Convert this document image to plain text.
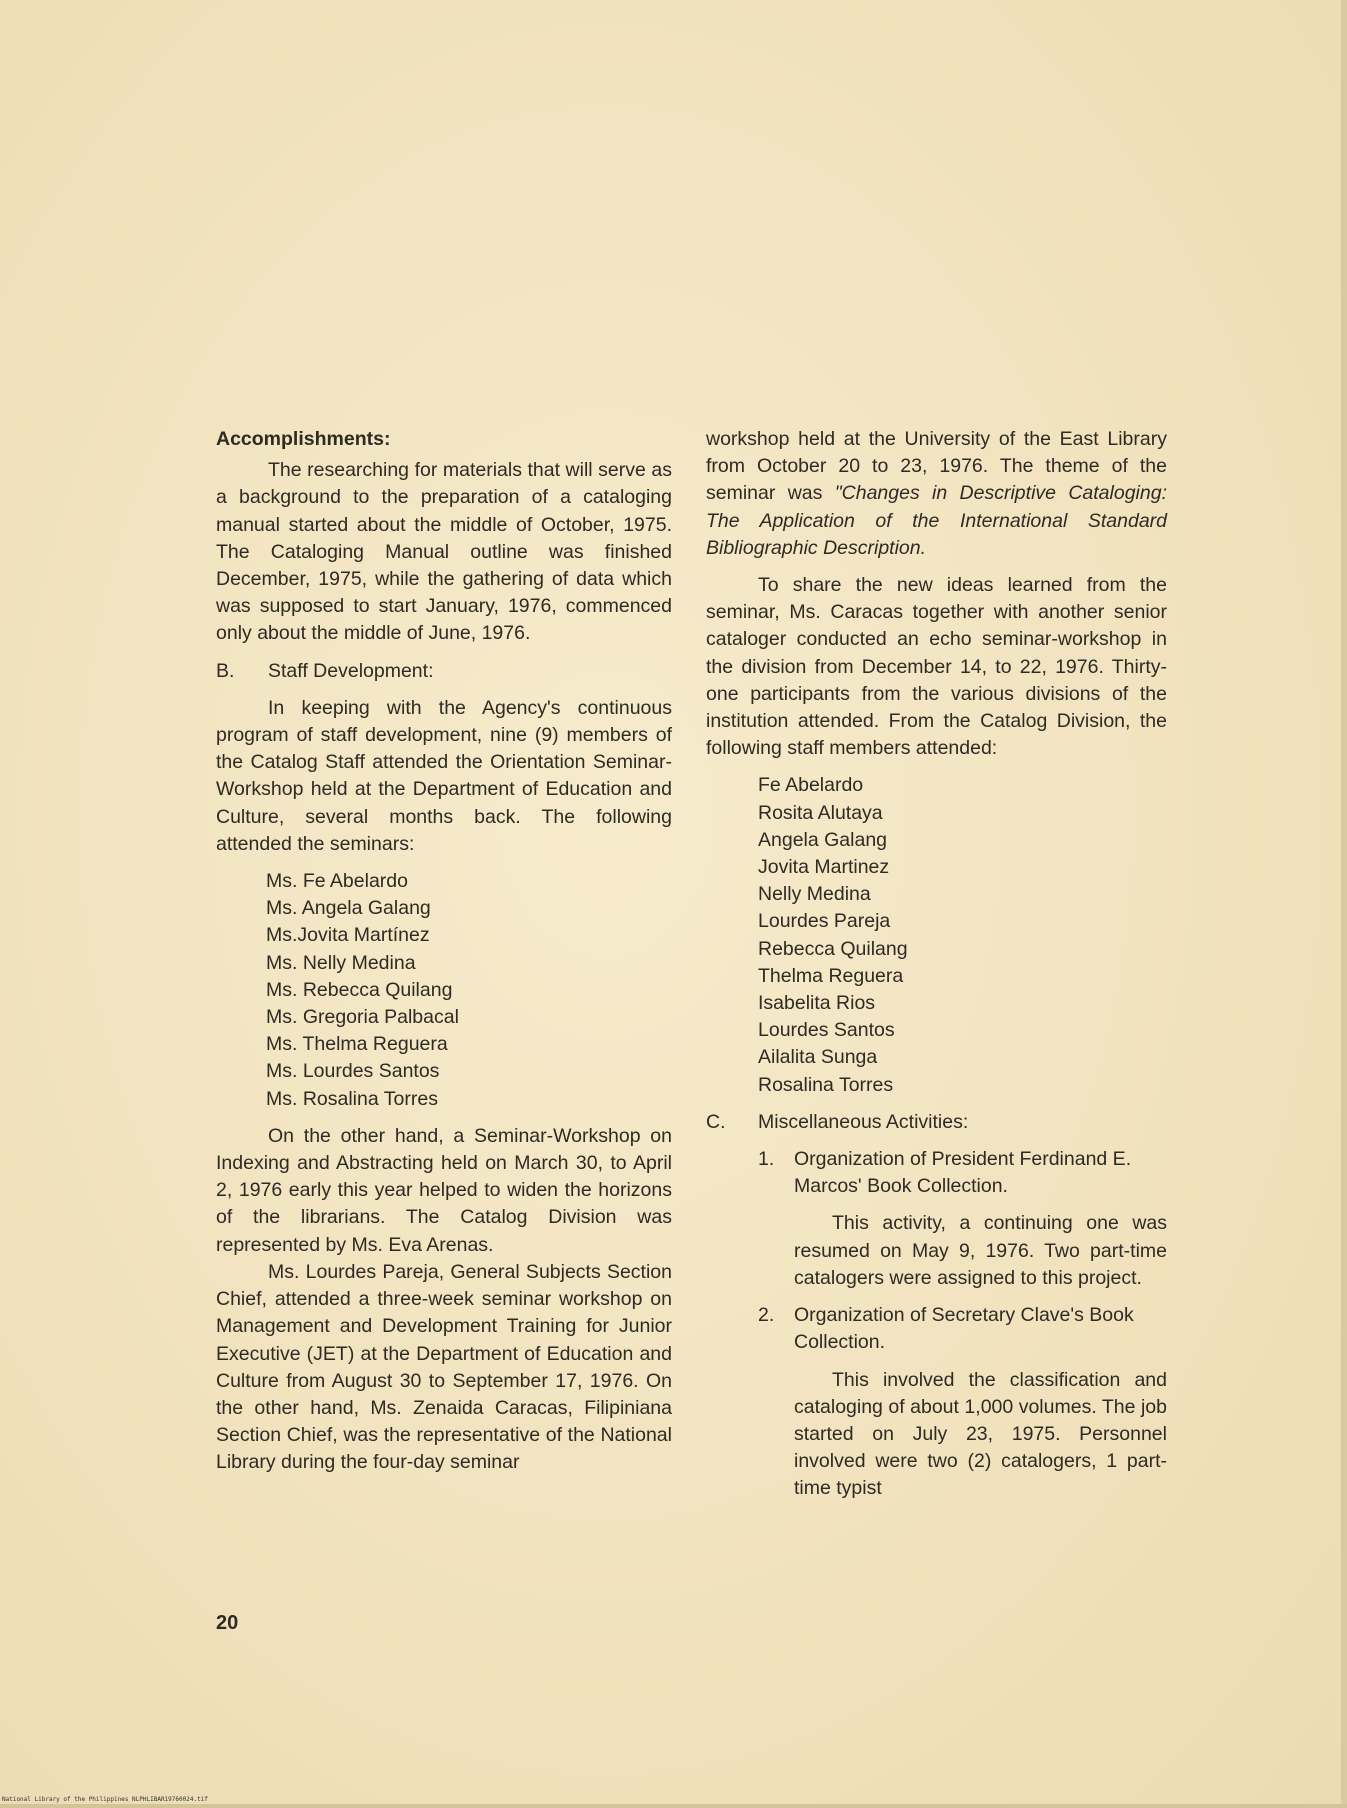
Accomplishments:

The researching for materials that will serve as a background to the preparation of a cataloging manual started about the middle of October, 1975. The Cataloging Manual outline was finished December, 1975, while the gathering of data which was supposed to start January, 1976, commenced only about the middle of June, 1976.

B.	Staff Development:

In keeping with the Agency's continuous program of staff development, nine (9) members of the Catalog Staff attended the Orientation Seminar-Workshop held at the Department of Education and Culture, several months back. The following attended the seminars:

Ms. Fe Abelardo
Ms. Angela Galang
Ms.Jovita Martínez
Ms. Nelly Medina
Ms. Rebecca Quilang
Ms. Gregoria Palbacal
Ms. Thelma Reguera
Ms. Lourdes Santos
Ms. Rosalina Torres

On the other hand, a Seminar-Workshop on Indexing and Abstracting held on March 30, to April 2, 1976 early this year helped to widen the horizons of the librarians. The Catalog Division was represented by Ms. Eva Arenas.

Ms. Lourdes Pareja, General Subjects Section Chief, attended a three-week seminar workshop on Management and Development Training for Junior Executive (JET) at the Department of Education and Culture from August 30 to September 17, 1976. On the other hand, Ms. Zenaida Caracas, Filipiniana Section Chief, was the representative of the National Library during the four-day seminar

workshop held at the University of the East Library from October 20 to 23, 1976. The theme of the seminar was "Changes in Descriptive Cataloging: The Application of the International Standard Bibliographic Description.

To share the new ideas learned from the seminar, Ms. Caracas together with another senior cataloger conducted an echo seminar-workshop in the division from December 14, to 22, 1976. Thirty-one participants from the various divisions of the institution attended. From the Catalog Division, the following staff members attended:

Fe Abelardo
Rosita Alutaya
Angela Galang
Jovita Martinez
Nelly Medina
Lourdes Pareja
Rebecca Quilang
Thelma Reguera
Isabelita Rios
Lourdes Santos
Ailalita Sunga
Rosalina Torres
C.	Miscellaneous Activities:
1.	Organization of President Ferdinand E. Marcos' Book Collection.

This activity, a continuing one was resumed on May 9, 1976. Two part-time catalogers were assigned to this project.

2.	Organization of Secretary Clave's Book Collection.

This involved the classification and cataloging of about 1,000 volumes. The job started on July 23, 1975. Personnel involved were two (2) catalogers, 1 part-time typist

20
National Library of the Philippines NLPHLIBAR19760024.tif
